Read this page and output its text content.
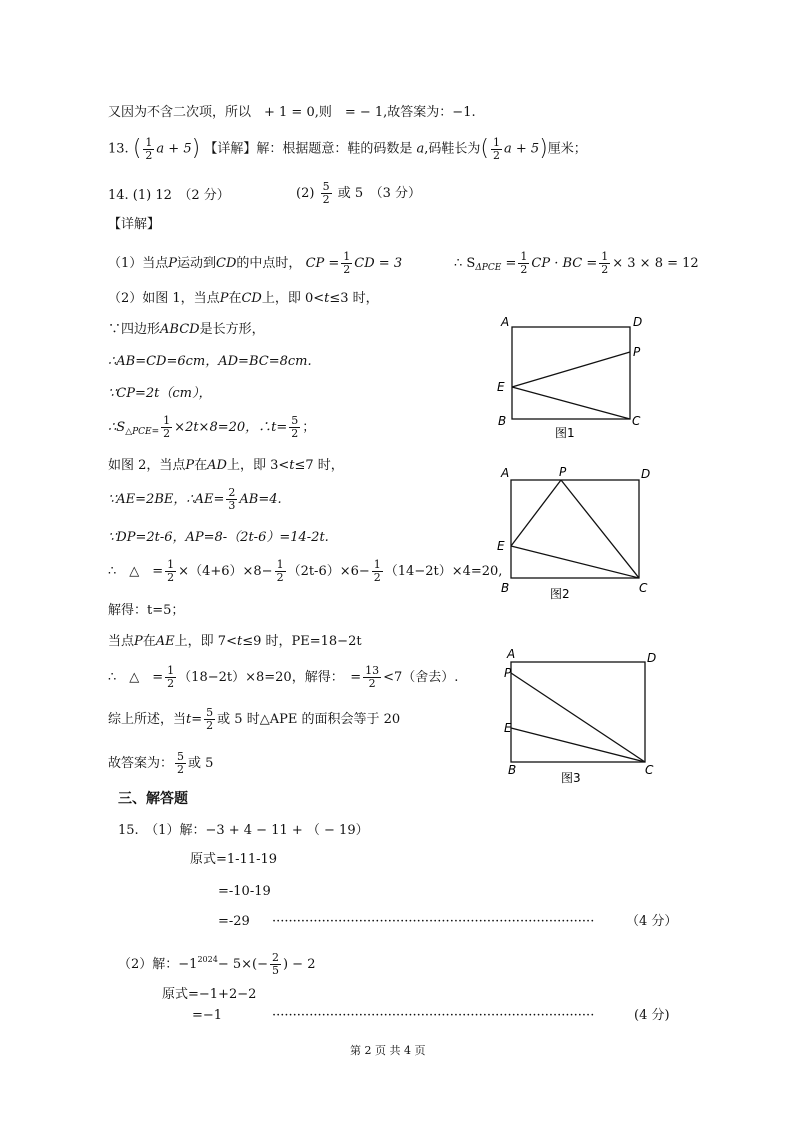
又因为不含二次项，所以　+ 1 = 0,则　= − 1,故答案为：−1.
13. ( $\frac{1}{2}$ a + 5) 【详解】解：根据题意：鞋的码数是 a,码鞋长为( $\frac{1}{2}$ a + 5)厘米；
14. (1) 12　（2 分）	$(2) \frac{5}{2}$ 或 5　（3 分）
【详解】
（1）当点P运动到CD的中点时， CP = $\frac{1}{2}$ CD = 3	∴ $S_{\Delta PCE} = \frac{1}{2}$ CP · BC = $\frac{1}{2} \times 3 \times 8 = 12$
（2）如图 1，当点P在CD上，即 0<t≤3 时，
∵四边形ABCD是长方形，
∴AB=CD=6cm，AD=BC=8cm.
∵CP=2t（cm），
$\therefore S_{\triangle PCE=} \frac{1}{2} \times 2t\times 8=20$，∴t= $\frac{5}{2}$ ；
如图 2，当点P在AD上，即 3<t≤7 时，
∵AE=2BE，∴AE= $\frac{2}{3} AB=4$.
∵DP=2t-6，AP=8-（2t-6）=14-2t.
∴　△　= $\frac{1}{2} \times(4+6)\times 8- \frac{1}{2} (2t-6)\times 6- \frac{1}{2} (14-2t)\times 4=20$,
解得：t=5；
当点P在AE上，即 7<t≤9 时，PE=18−2t
∴　△　= $\frac{1}{2} (18-2t)\times 8=20$，解得：　= $\frac{13}{2} <7$（舍去）.
综上所述，当$t= \frac{5}{2}$ 或 5 时△APE 的面积会等于 20
故答案为： $\frac{5}{2}$ 或 5
三、解答题
15.　（1）解：−3 + 4 − 11 + （ − 19）
原式=1-11-19
=-10-19
=-29 ··············································································	（4 分）
（2）解：$-1^{2024}- 5\times(- \frac{2}{5}$ ) − 2
原式=−1+2−2
=−1	··············································································	(4 分)
第 2 页 共 4 页
A	D
P
E
B	C
图1
A	P	D
E
B	C
图2
A
P
D
E
B	C
图3
